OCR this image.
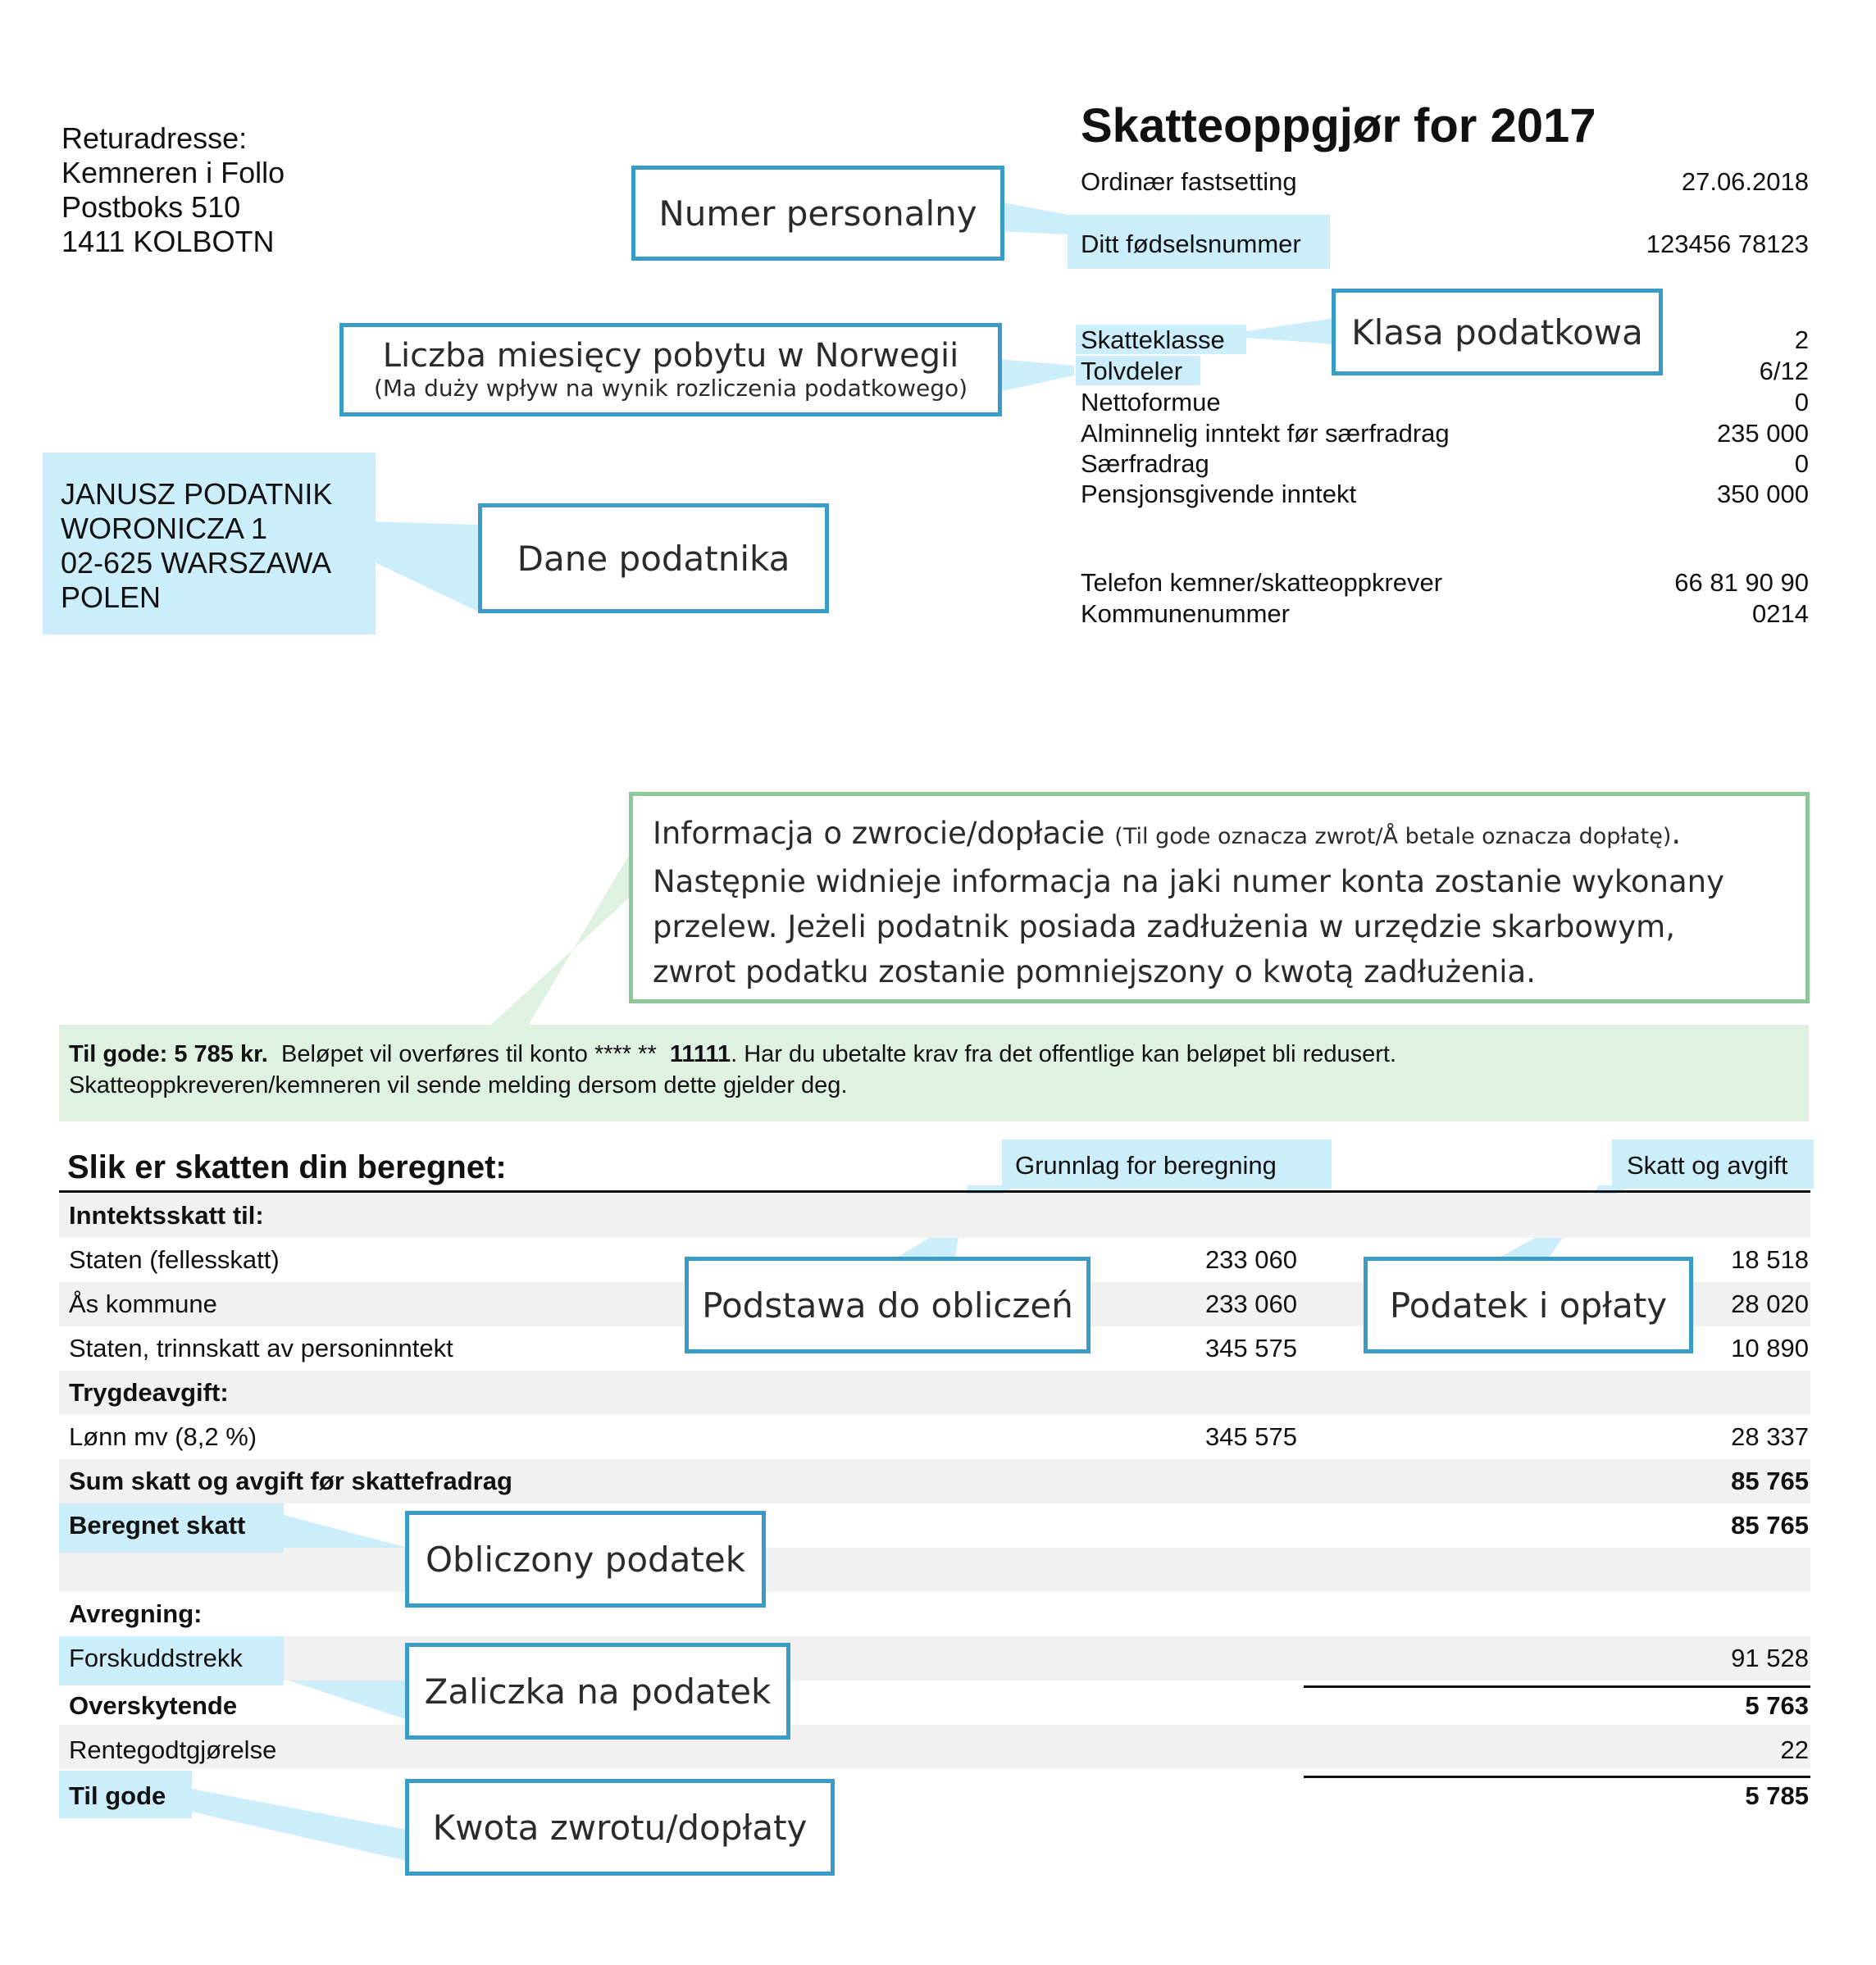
Returadresse:
Kemneren i Follo
Postboks 510
1411 KOLBOTN
Skatteoppgjør for 2017
Ordinær fastsetting	27.06.2018
Ditt fødselsnummer	123456 78123
Skatteklasse	2
Tolvdeler	6/12
Nettoformue	0
Alminnelig inntekt før særfradrag	235 000
Særfradrag	0
Pensjonsgivende inntekt	350 000
Telefon kemner/skatteoppkrever	66 81 90 90
Kommunenummer	0214
JANUSZ PODATNIK
WORONICZA 1
02-625 WARSZAWA
POLEN
Numer personalny
Klasa podatkowa
Liczba miesięcy pobytu w Norwegii
(Ma duży wpływ na wynik rozliczenia podatkowego)
Dane podatnika
Informacja o zwrocie/dopłacie (Til gode oznacza zwrot/Å betale oznacza dopłatę).
Następnie widnieje informacja na jaki numer konta zostanie wykonany
przelew. Jeżeli podatnik posiada zadłużenia w urzędzie skarbowym,
zwrot podatku zostanie pomniejszony o kwotą zadłużenia.
Til gode: 5 785 kr. Beløpet vil overføres til konto **** ** 11111. Har du ubetalte krav fra det offentlige kan beløpet bli redusert.
Skatteoppkreveren/kemneren vil sende melding dersom dette gjelder deg.
Slik er skatten din beregnet:	Grunnlag for beregning	Skatt og avgift
Inntektsskatt til:
Staten (fellesskatt)	233 060	18 518
Ås kommune	233 060	28 020
Staten, trinnskatt av personinntekt	345 575	10 890
Trygdeavgift:
Lønn mv (8,2 %)	345 575	28 337
Sum skatt og avgift før skattefradrag	85 765
Beregnet skatt	85 765
Avregning:
Forskuddstrekk	91 528
Overskytende	5 763
Rentegodtgjørelse	22
Til gode	5 785
Podstawa do obliczeń	Podatek i opłaty
Obliczony podatek
Zaliczka na podatek
Kwota zwrotu/dopłaty
